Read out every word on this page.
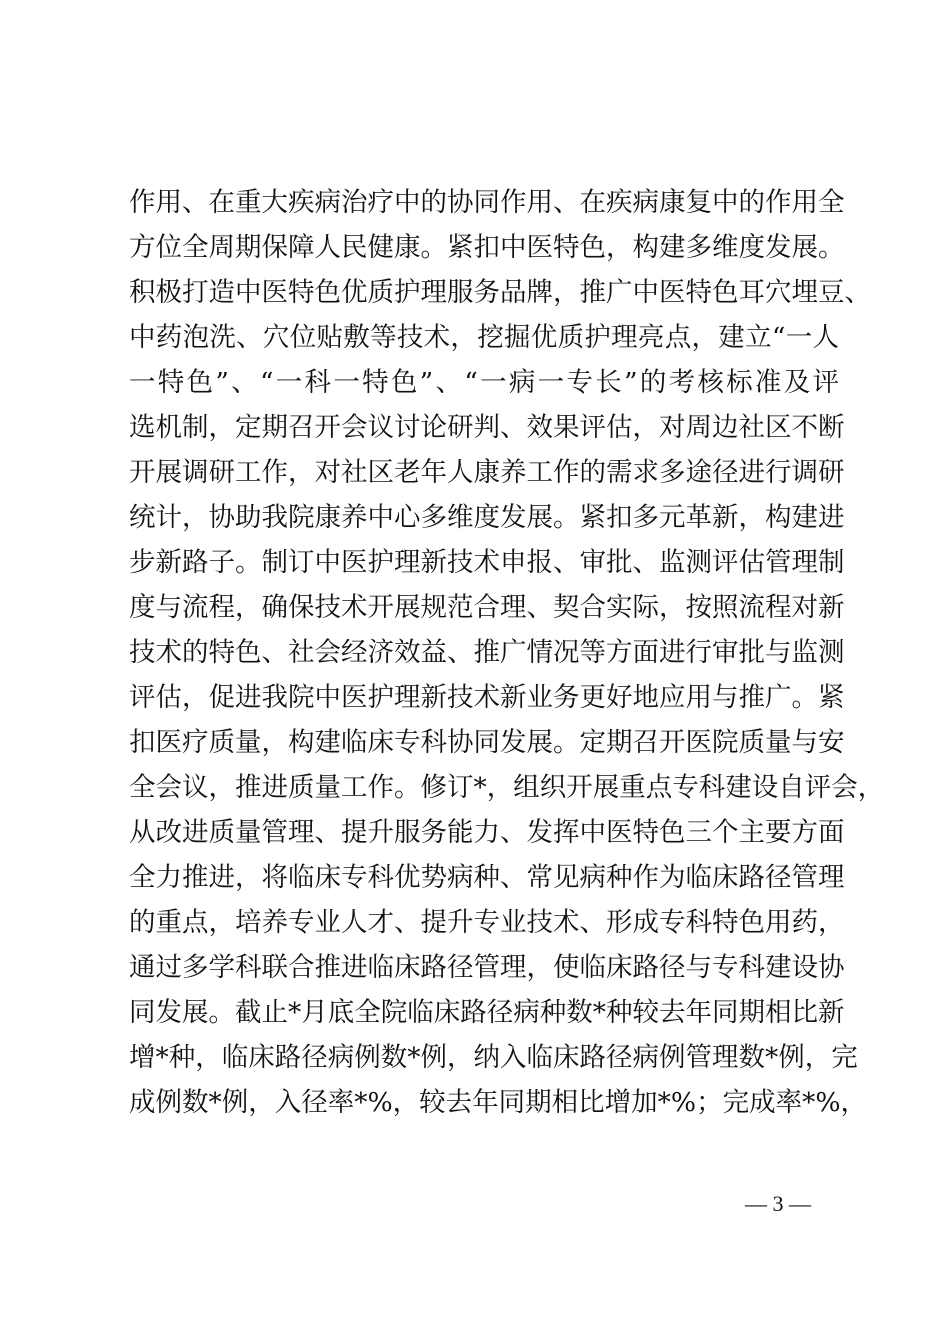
作用、在重大疾病治疗中的协同作用、在疾病康复中的作用全
方位全周期保障人民健康。紧扣中医特色，构建多维度发展。
积极打造中医特色优质护理服务品牌，推广中医特色耳穴埋豆、
中药泡洗、穴位贴敷等技术，挖掘优质护理亮点，建立“一人
一特色”、“一科一特色”、“一病一专长”的考核标准及评
选机制，定期召开会议讨论研判、效果评估，对周边社区不断
开展调研工作，对社区老年人康养工作的需求多途径进行调研
统计，协助我院康养中心多维度发展。紧扣多元革新，构建进
步新路子。制订中医护理新技术申报、审批、监测评估管理制
度与流程，确保技术开展规范合理、契合实际，按照流程对新
技术的特色、社会经济效益、推广情况等方面进行审批与监测
评估，促进我院中医护理新技术新业务更好地应用与推广。紧
扣医疗质量，构建临床专科协同发展。定期召开医院质量与安
全会议，推进质量工作。修订*，组织开展重点专科建设自评会，
从改进质量管理、提升服务能力、发挥中医特色三个主要方面
全力推进，将临床专科优势病种、常见病种作为临床路径管理
的重点，培养专业人才、提升专业技术、形成专科特色用药，
通过多学科联合推进临床路径管理，使临床路径与专科建设协
同发展。截止*月底全院临床路径病种数*种较去年同期相比新
增*种，临床路径病例数*例，纳入临床路径病例管理数*例，完
成例数*例，入径率*%，较去年同期相比增加*%；完成率*%，
— 3 —
